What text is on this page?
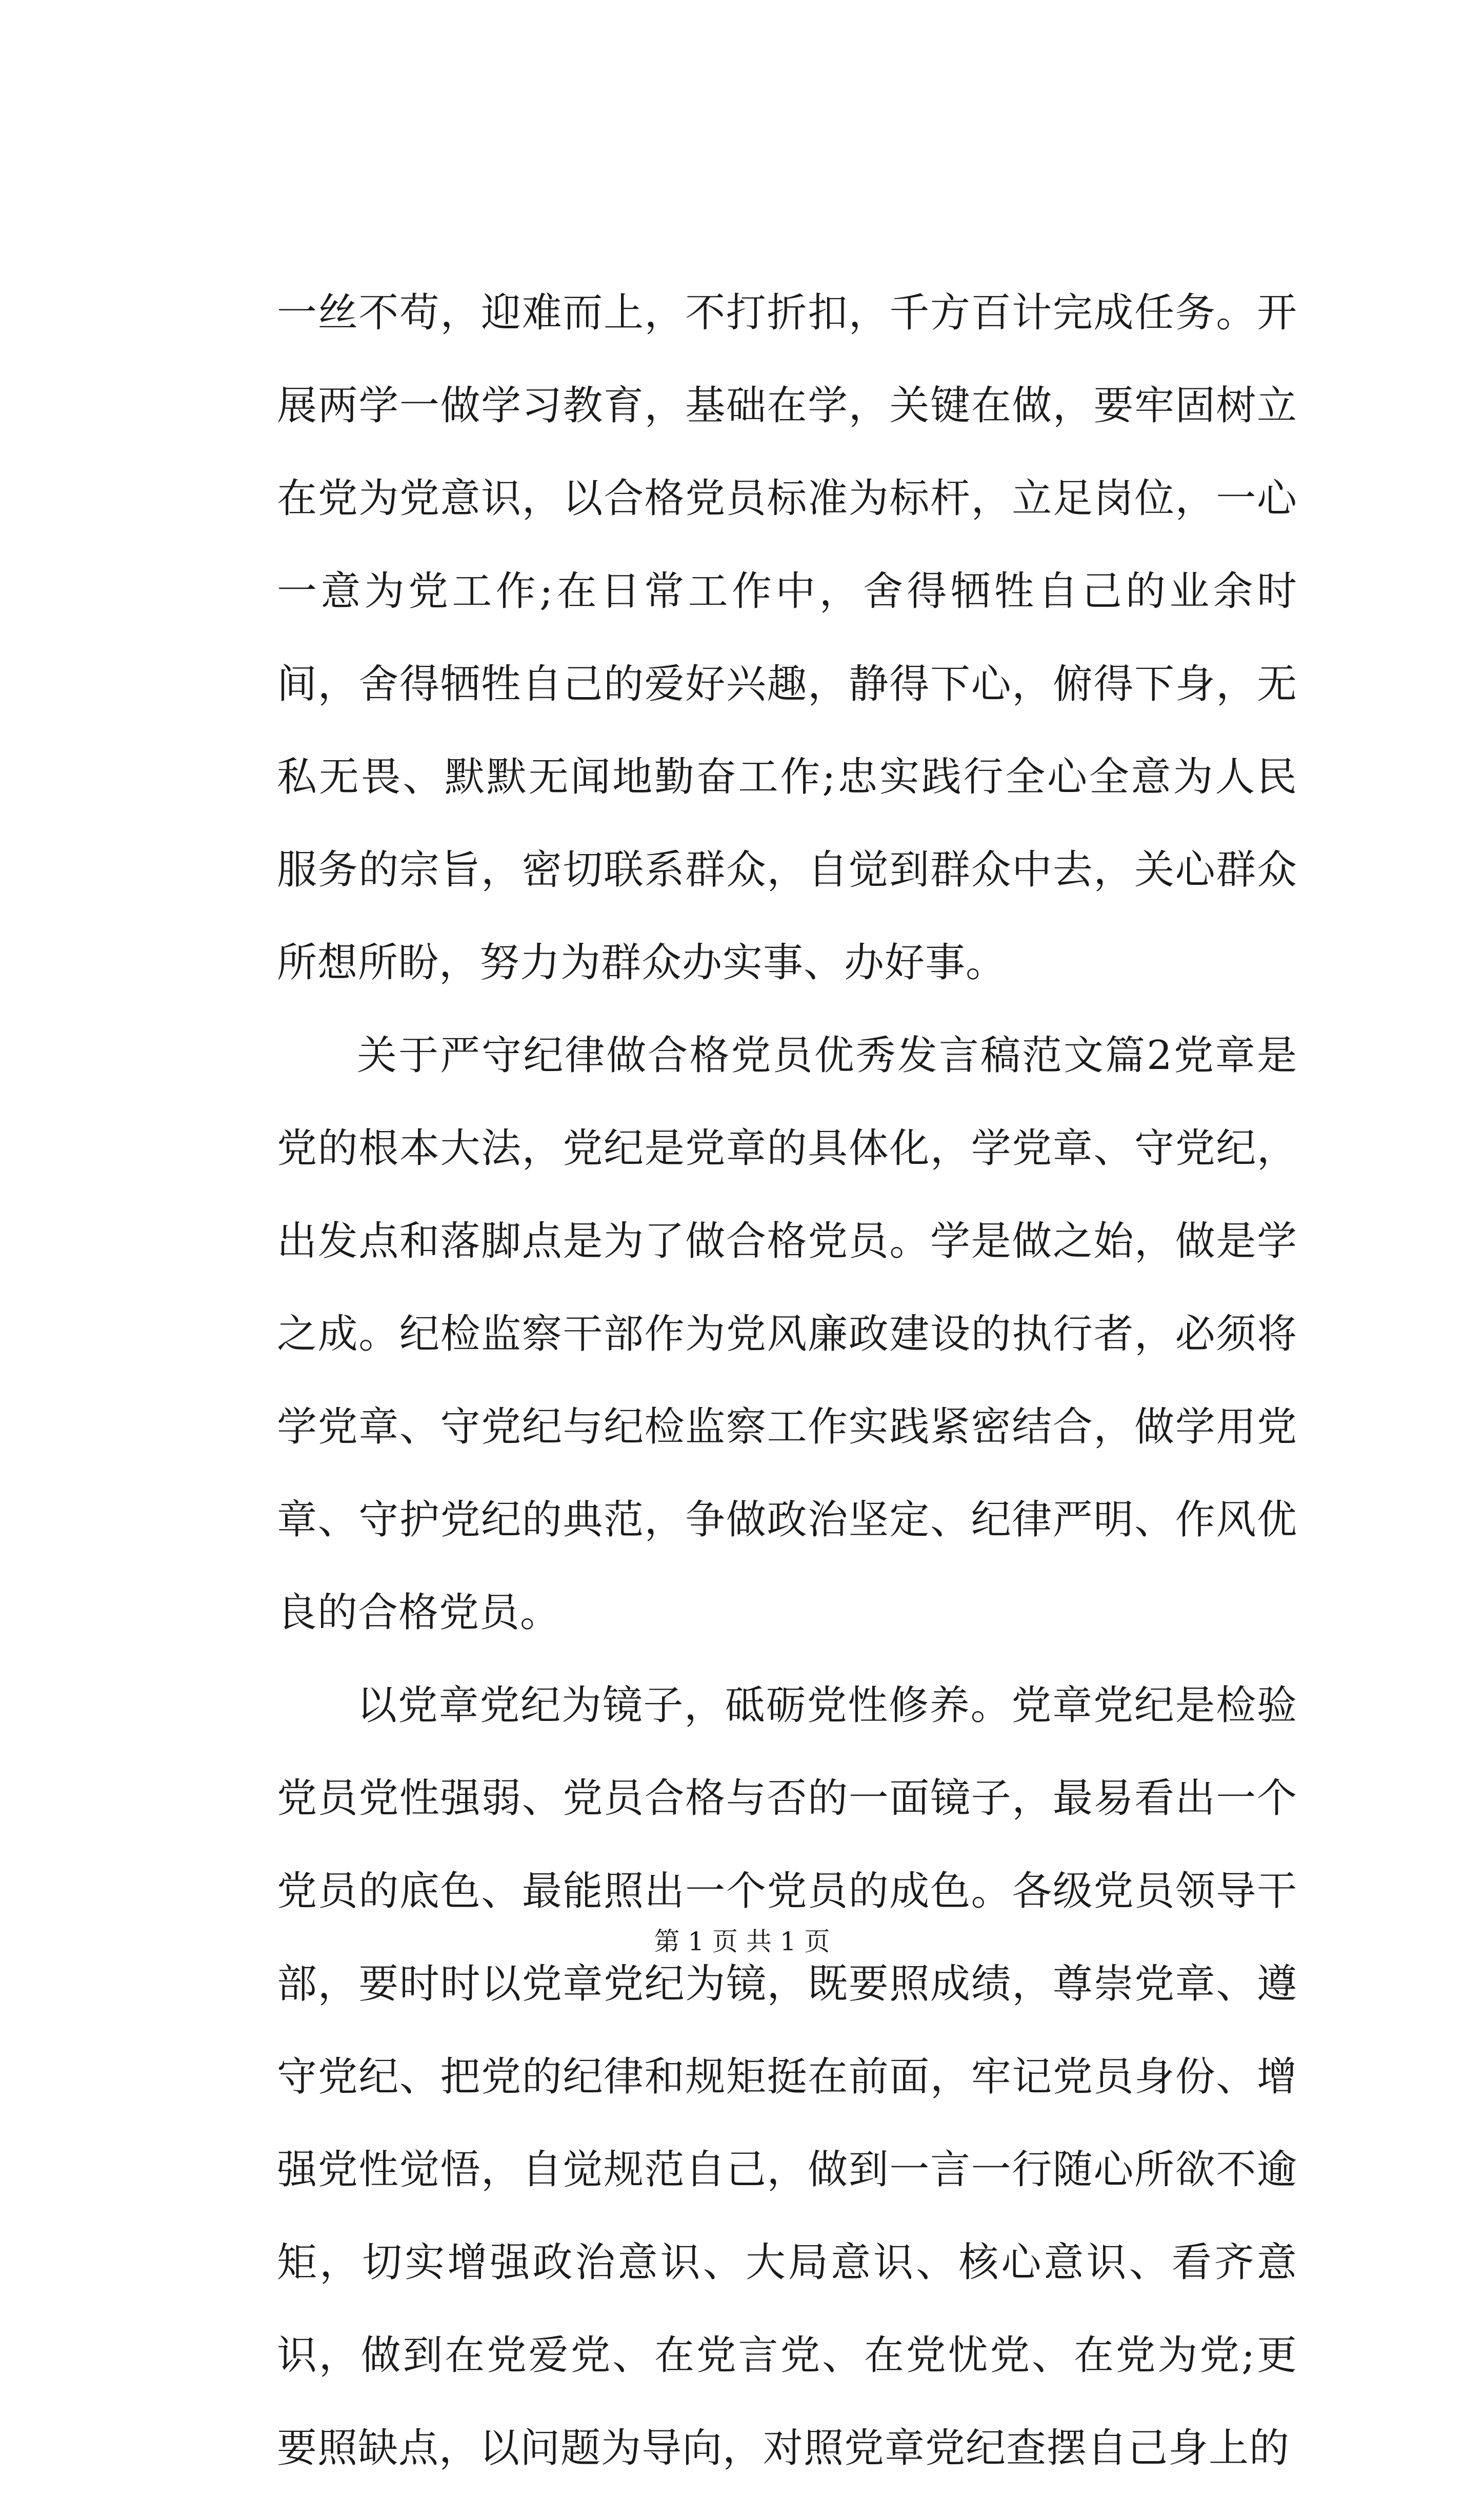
一丝不苟，迎难而上，不打折扣，千方百计完成任务。开展两学一做学习教育，基础在学，关键在做，要牢固树立在党为党意识，以合格党员标准为标杆，立足岗位，一心一意为党工作;在日常工作中，舍得牺牲自己的业余时间，舍得牺牲自己的爱好兴趣，静得下心，俯得下身，无私无畏、默默无闻地勤奋工作;忠实践行全心全意为人民服务的宗旨，密切联系群众，自觉到群众中去，关心群众所想所盼，努力为群众办实事、办好事。

关于严守纪律做合格党员优秀发言稿范文篇2党章是党的根本大法，党纪是党章的具体化，学党章、守党纪，出发点和落脚点是为了做合格党员。学是做之始，做是学之成。纪检监察干部作为党风廉政建设的执行者，必须将学党章、守党纪与纪检监察工作实践紧密结合，做学用党章、守护党纪的典范，争做政治坚定、纪律严明、作风优良的合格党员。

以党章党纪为镜子，砥砺党性修养。党章党纪是检验党员党性强弱、党员合格与否的一面镜子，最易看出一个党员的底色、最能照出一个党员的成色。各级党员领导干部，要时时以党章党纪为镜，既要照成绩，尊崇党章、遵守党纪、把党的纪律和规矩挺在前面，牢记党员身份、增强党性觉悟，自觉规范自己，做到一言一行随心所欲不逾矩，切实增强政治意识、大局意识、核心意识、看齐意识，做到在党爱党、在党言党、在党忧党、在党为党;更要照缺点，以问题为导向，对照党章党纪查摆自己身上的

第 1 页 共 1 页
